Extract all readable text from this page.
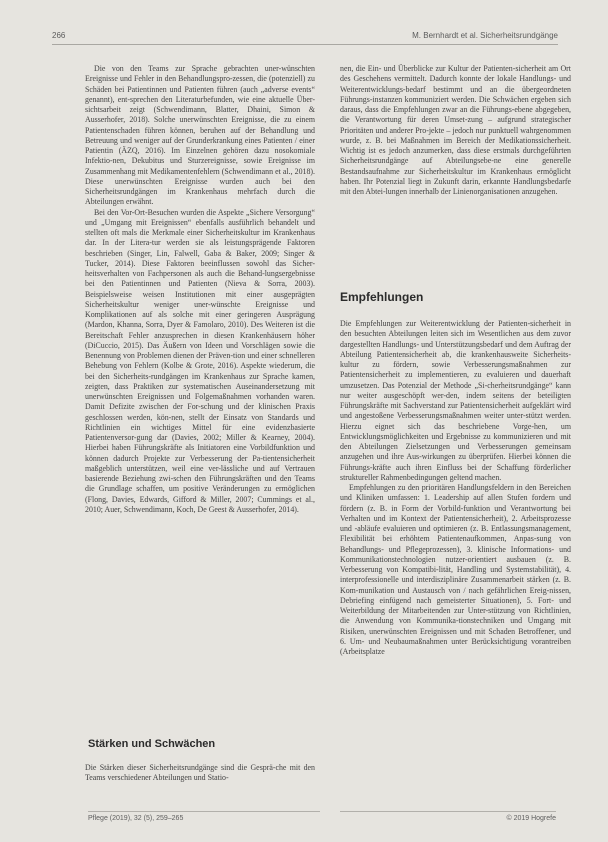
266	M. Bernhardt et al. Sicherheitsrundgänge

Die von den Teams zur Sprache gebrachten uner-wünschten Ereignisse und Fehler in den Behandlungspro-zessen, die (potenziell) zu Schäden bei Patientinnen und Patienten führen (auch „adverse events“ genannt), ent-sprechen den Literaturbefunden, wie eine aktuelle Über-sichtsarbeit zeigt (Schwendimann, Blatter, Dhaini, Simon & Ausserhofer, 2018). Solche unerwünschten Ereignisse, die zu einem Patientenschaden führen können, beruhen auf der Behandlung und Betreuung und weniger auf der Grunderkrankung eines Patienten / einer Patientin (ÄZQ, 2016). Im Einzelnen gehören dazu nosokomiale Infektio-nen, Dekubitus und Sturzereignisse, sowie Ereignisse im Zusammenhang mit Medikamentenfehlern (Schwendimann et al., 2018). Diese unerwünschten Ereignisse wurden auch bei den Sicherheitsrundgängen im Krankenhaus mehrfach durch die Abteilungen erwähnt.

Bei den Vor-Ort-Besuchen wurden die Aspekte „Sichere Versorgung“ und „Umgang mit Ereignissen“ ebenfalls ausführlich behandelt und stellten oft mals die Merkmale einer Sicherheitskultur im Krankenhaus dar. In der Litera-tur werden sie als leistungsprägende Faktoren beschrieben (Singer, Lin, Falwell, Gaba & Baker, 2009; Singer & Tucker, 2014). Diese Faktoren beeinflussen sowohl das Sicher-heitsverhalten von Fachpersonen als auch die Behand-lungsergebnisse bei den Patientinnen und Patienten (Nieva & Sorra, 2003). Beispielsweise weisen Institutionen mit einer ausgeprägten Sicherheitskultur weniger uner-wünschte Ereignisse und Komplikationen auf als solche mit einer geringeren Ausprägung (Mardon, Khanna, Sorra, Dyer & Famolaro, 2010). Des Weiteren ist die Bereitschaft Fehler anzusprechen in diesen Krankenhäusern höher (DiCuccio, 2015). Das Äußern von Ideen und Vorschlägen sowie die Benennung von Problemen dienen der Präven-tion und einer schnelleren Behebung von Fehlern (Kolbe & Grote, 2016). Aspekte wiederum, die bei den Sicherheits-rundgängen im Krankenhaus zur Sprache kamen, zeigten, dass Praktiken zur systematischen Auseinandersetzung mit unerwünschten Ereignissen und Folgemaßnahmen vorhanden waren. Damit Defizite zwischen der For-schung und der klinischen Praxis geschlossen werden, kön-nen, stellt der Einsatz von Standards und Richtlinien ein wichtiges Mittel für eine evidenzbasierte Patientenversor-gung dar (Davies, 2002; Miller & Kearney, 2004). Hierbei haben Führungskräfte als Initiatoren eine Vorbildfunktion und können dadurch Projekte zur Verbesserung der Pa-tientensicherheit maßgeblich unterstützen, weil eine ver-lässliche und auf Vertrauen basierende Beziehung zwi-schen den Führungskräften und den Teams die Grundlage schaffen, um positive Veränderungen zu ermöglichen (Flong, Davies, Edwards, Gifford & Miller, 2007; Cummings et al., 2010; Auer, Schwendimann, Koch, De Geest & Ausserhofer, 2014).

Stärken und Schwächen

Die Stärken dieser Sicherheitsrundgänge sind die Gesprä-che mit den Teams verschiedener Abteilungen und Statio-

nen, die Ein- und Überblicke zur Kultur der Patienten-sicherheit am Ort des Geschehens vermittelt. Dadurch konnte der lokale Handlungs- und Weiterentwicklungs-bedarf bestimmt und an die übergeordneten Führungs-instanzen kommuniziert werden. Die Schwächen ergeben sich daraus, dass die Empfehlungen zwar an die Führungs-ebene abgegeben, die Verantwortung für deren Umset-zung – aufgrund strategischer Prioritäten und anderer Pro-jekte – jedoch nur punktuell wahrgenommen wurde, z. B. bei Maßnahmen im Bereich der Medikationssicherheit. Wichtig ist es jedoch anzumerken, dass diese erstmals durchgeführten Sicherheitsrundgänge auf Abteilungsebe-ne eine generelle Bestandsaufnahme zur Sicherheitskultur im Krankenhaus ermöglicht haben. Ihr Potenzial liegt in Zukunft darin, erkannte Handlungsbedarfe mit den Abtei-lungen innerhalb der Linienorganisationen anzugehen.

Empfehlungen

Die Empfehlungen zur Weiterentwicklung der Patienten-sicherheit in den besuchten Abteilungen leiten sich im Wesentlichen aus dem zuvor dargestellten Handlungs- und Unterstützungsbedarf und dem Auftrag der Abteilung Patientensicherheit ab, die krankenhausweite Sicherheits-kultur zu fördern, sowie Verbesserungsmaßnahmen zur Patientensicherheit zu implementieren, zu evaluieren und dauerhaft umzusetzen. Das Potenzial der Methode „Si-cherheitsrundgänge“ kann nur weiter ausgeschöpft wer-den, indem seitens der beteiligten Führungskräfte mit Sachverstand zur Patientensicherheit aufgeklärt wird und angestoßene Verbesserungsmaßnahmen weiter unter-stützt werden. Hierzu eignet sich das beschriebene Vorge-hen, um Entwicklungsmöglichkeiten und Ergebnisse zu kommunizieren und mit den Abteilungen Zielsetzungen und Verbesserungen gemeinsam anzugehen und ihre Aus-wirkungen zu überprüfen. Hierbei können die Führungs-kräfte auch ihren Einfluss bei der Schaffung förderlicher struktureller Rahmenbedingungen geltend machen.

Empfehlungen zu den prioritären Handlungsfeldern in den Bereichen und Kliniken umfassen: 1. Leadership auf allen Stufen fordern und fördern (z. B. in Form der Vorbild-funktion und Verantwortung bei Verhalten und im Kontext der Patientensicherheit), 2. Arbeitsprozesse und -abläufe evaluieren und optimieren (z. B. Entlassungsmanagement, Flexibilität bei erhöhtem Patientenaufkommen, Anpas-sung von Behandlungs- und Pflegeprozessen), 3. klinische Informations- und Kommunikationstechnologien nutzer-orientiert ausbauen (z. B. Verbesserung von Kompatibi-lität, Handling und Systemstabilität), 4. interprofessionelle und interdisziplinäre Zusammenarbeit stärken (z. B. Kom-munikation und Austausch von / nach gefährlichen Ereig-nissen, Debriefing einfügend nach gemeisterter Situationen), 5. Fort- und Weiterbildung der Mitarbeitenden zur Unter-stützung von Richtlinien, die Anwendung von Kommunika-tionstechniken und Umgang mit Risiken, unerwünschten Ereignissen und mit Schaden Betroffener, und 6. Um- und Neubaumaßnahmen unter Berücksichtigung vorantreiben (Arbeitsplatze

Pflege (2019), 32 (5), 259–265	© 2019 Hogrefe
